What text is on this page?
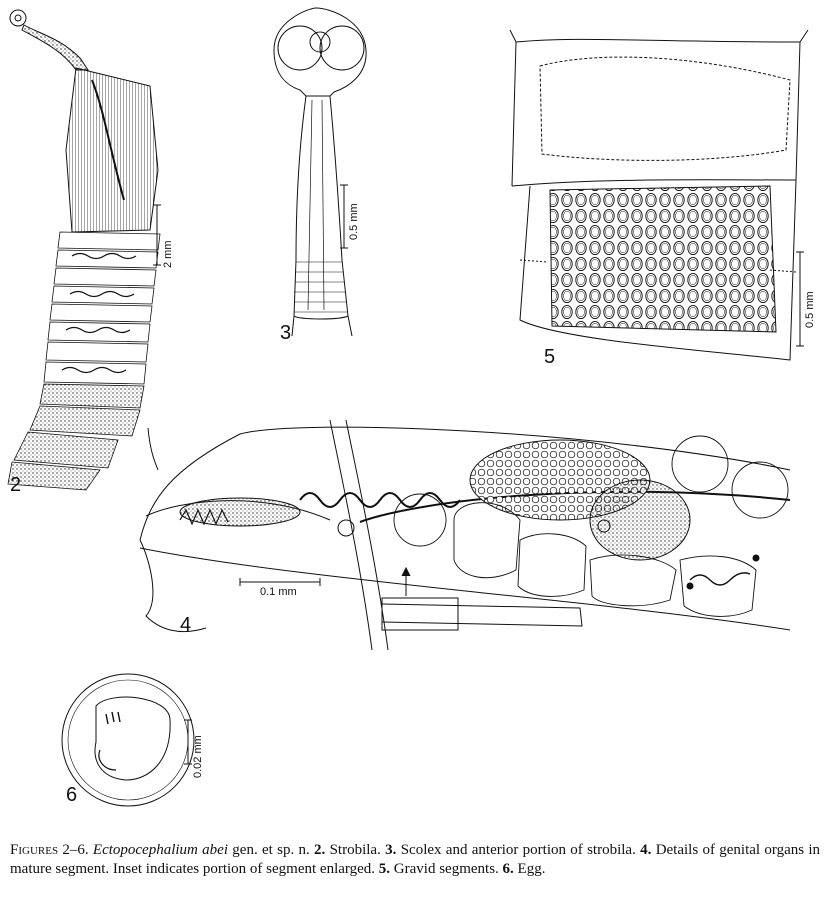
2
3
4
5
6
2 mm
0.5 mm
0.1 mm
0.5 mm
0.02 mm

Figures 2–6. Ectopocephalium abei gen. et sp. n. 2. Strobila. 3. Scolex and anterior portion of strobila. 4. Details of genital organs in mature segment. Inset indicates portion of segment enlarged. 5. Gravid segments. 6. Egg.
